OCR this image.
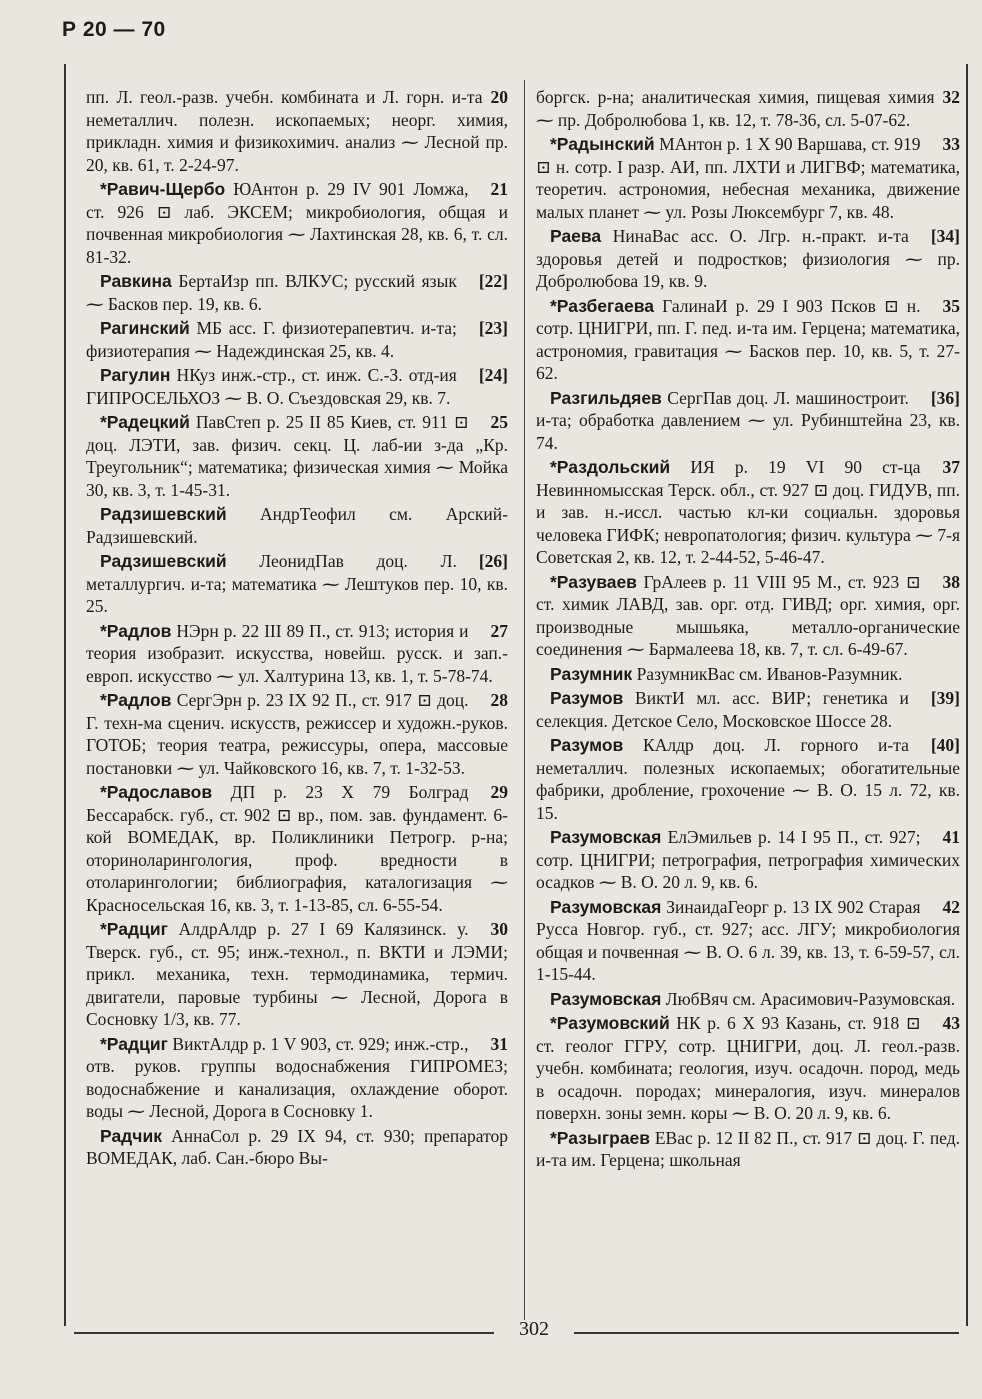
Р 20 — 70

20
пп. Л. геол.-разв. учебн. комбината и Л. горн. и-та неметаллич. полезн. ископаемых; неорг. химия, прикладн. химия и физикохимич. анализ ⁓ Лесной пр. 20, кв. 61, т. 2-24-97.

21
*Равич-Щербо ЮАнтон р. 29 IV 901 Ломжа, ст. 926 ⊡ лаб. ЭКСЕМ; микробиология, общая и почвенная микробиология ⁓ Лахтинская 28, кв. 6, т. сл. 81-32.

[22]
Равкина БертаИзр пп. ВЛКУС; русский язык ⁓ Басков пер. 19, кв. 6.

[23]
Рагинский МБ асс. Г. физиотерапевтич. и-та; физиотерапия ⁓ Надеждинская 25, кв. 4.

[24]
Рагулин НКуз инж.-стр., ст. инж. С.-З. отд-ия ГИПРОСЕЛЬХОЗ ⁓ В. О. Съездовская 29, кв. 7.

25
*Радецкий ПавСтеп р. 25 II 85 Киев, ст. 911 ⊡ доц. ЛЭТИ, зав. физич. секц. Ц. лаб-ии з-да „Кр. Треугольник“; математика; физическая химия ⁓ Мойка 30, кв. 3, т. 1-45-31.

Радзишевский АндрТеофил см. Арский-Радзишевский.

[26]
Радзишевский ЛеонидПав доц. Л. металлургич. и-та; математика ⁓ Лештуков пер. 10, кв. 25.

27
*Радлов НЭрн р. 22 III 89 П., ст. 913; история и теория изобразит. искусства, новейш. русск. и зап.-европ. искусство ⁓ ул. Халтурина 13, кв. 1, т. 5-78-74.

28
*Радлов СергЭрн р. 23 IX 92 П., ст. 917 ⊡ доц. Г. техн-ма сценич. искусств, режиссер и художн.-руков. ГОТОБ; теория театра, режиссуры, опера, массовые постановки ⁓ ул. Чайковского 16, кв. 7, т. 1-32-53.

29
*Радославов ДП р. 23 X 79 Болград Бессарабск. губ., ст. 902 ⊡ вр., пом. зав. фундамент. 6-кой ВОМЕДАК, вр. Поликлиники Петрогр. р-на; оториноларингология, проф. вредности в отоларингологии; библиография, каталогизация ⁓ Красносельская 16, кв. 3, т. 1-13-85, сл. 6-55-54.

30
*Радциг АлдрАлдр р. 27 I 69 Калязинск. у. Тверск. губ., ст. 95; инж.-технол., п. ВКТИ и ЛЭМИ; прикл. механика, техн. термодинамика, термич. двигатели, паровые турбины ⁓ Лесной, Дорога в Сосновку 1/3, кв. 77.

31
*Радциг ВиктАлдр р. 1 V 903, ст. 929; инж.-стр., отв. руков. группы водоснабжения ГИПРОМЕЗ; водоснабжение и канализация, охлаждение оборот. воды ⁓ Лесной, Дорога в Сосновку 1.

Радчик АннаСол р. 29 IX 94, ст. 930; препаратор ВОМЕДАК, лаб. Сан.-бюро Вы-

32
боргск. р-на; аналитическая химия, пищевая химия ⁓ пр. Добролюбова 1, кв. 12, т. 78-36, сл. 5-07-62.

33
*Радынский МАнтон р. 1 X 90 Варшава, ст. 919 ⊡ н. сотр. I разр. АИ, пп. ЛХТИ и ЛИГВФ; математика, теоретич. астрономия, небесная механика, движение малых планет ⁓ ул. Розы Люксембург 7, кв. 48.

[34]
Раева НинаВас асс. О. Лгр. н.-практ. и-та здоровья детей и подростков; физиология ⁓ пр. Добролюбова 19, кв. 9.

35
*Разбегаева ГалинаИ р. 29 I 903 Псков ⊡ н. сотр. ЦНИГРИ, пп. Г. пед. и-та им. Герцена; математика, астрономия, гравитация ⁓ Басков пер. 10, кв. 5, т. 27-62.

[36]
Разгильдяев СергПав доц. Л. машиностроит. и-та; обработка давлением ⁓ ул. Рубинштейна 23, кв. 74.

37
*Раздольский ИЯ р. 19 VI 90 ст-ца Невинномысская Терск. обл., ст. 927 ⊡ доц. ГИДУВ, пп. и зав. н.-иссл. частью кл-ки социальн. здоровья человека ГИФК; невропатология; физич. культура ⁓ 7-я Советская 2, кв. 12, т. 2-44-52, 5-46-47.

38
*Разуваев ГрАлеев р. 11 VIII 95 М., ст. 923 ⊡ ст. химик ЛАВД, зав. орг. отд. ГИВД; орг. химия, орг. производные мышьяка, металло-органические соединения ⁓ Бармалеева 18, кв. 7, т. сл. 6-49-67.

Разумник РазумникВас см. Иванов-Разумник.

[39]
Разумов ВиктИ мл. асс. ВИР; генетика и селекция. Детское Село, Московское Шоссе 28.

[40]
Разумов КАлдр доц. Л. горного и-та неметаллич. полезных ископаемых; обогатительные фабрики, дробление, грохочение ⁓ В. О. 15 л. 72, кв. 15.

41
Разумовская ЕлЭмильев р. 14 I 95 П., ст. 927; сотр. ЦНИГРИ; петрография, петрография химических осадков ⁓ В. О. 20 л. 9, кв. 6.

42
Разумовская ЗинаидаГеорг р. 13 IX 902 Старая Русса Новгор. губ., ст. 927; асс. ЛГУ; микробиология общая и почвенная ⁓ В. О. 6 л. 39, кв. 13, т. 6-59-57, сл. 1-15-44.

Разумовская ЛюбВяч см. Арасимович-Разумовская.

43
*Разумовский НК р. 6 X 93 Казань, ст. 918 ⊡ ст. геолог ГГРУ, сотр. ЦНИГРИ, доц. Л. геол.-разв. учебн. комбината; геология, изуч. осадочн. пород, медь в осадочн. породах; минералогия, изуч. минералов поверхн. зоны земн. коры ⁓ В. О. 20 л. 9, кв. 6.

*Разыграев ЕВас р. 12 II 82 П., ст. 917 ⊡ доц. Г. пед. и-та им. Герцена; школьная

302
